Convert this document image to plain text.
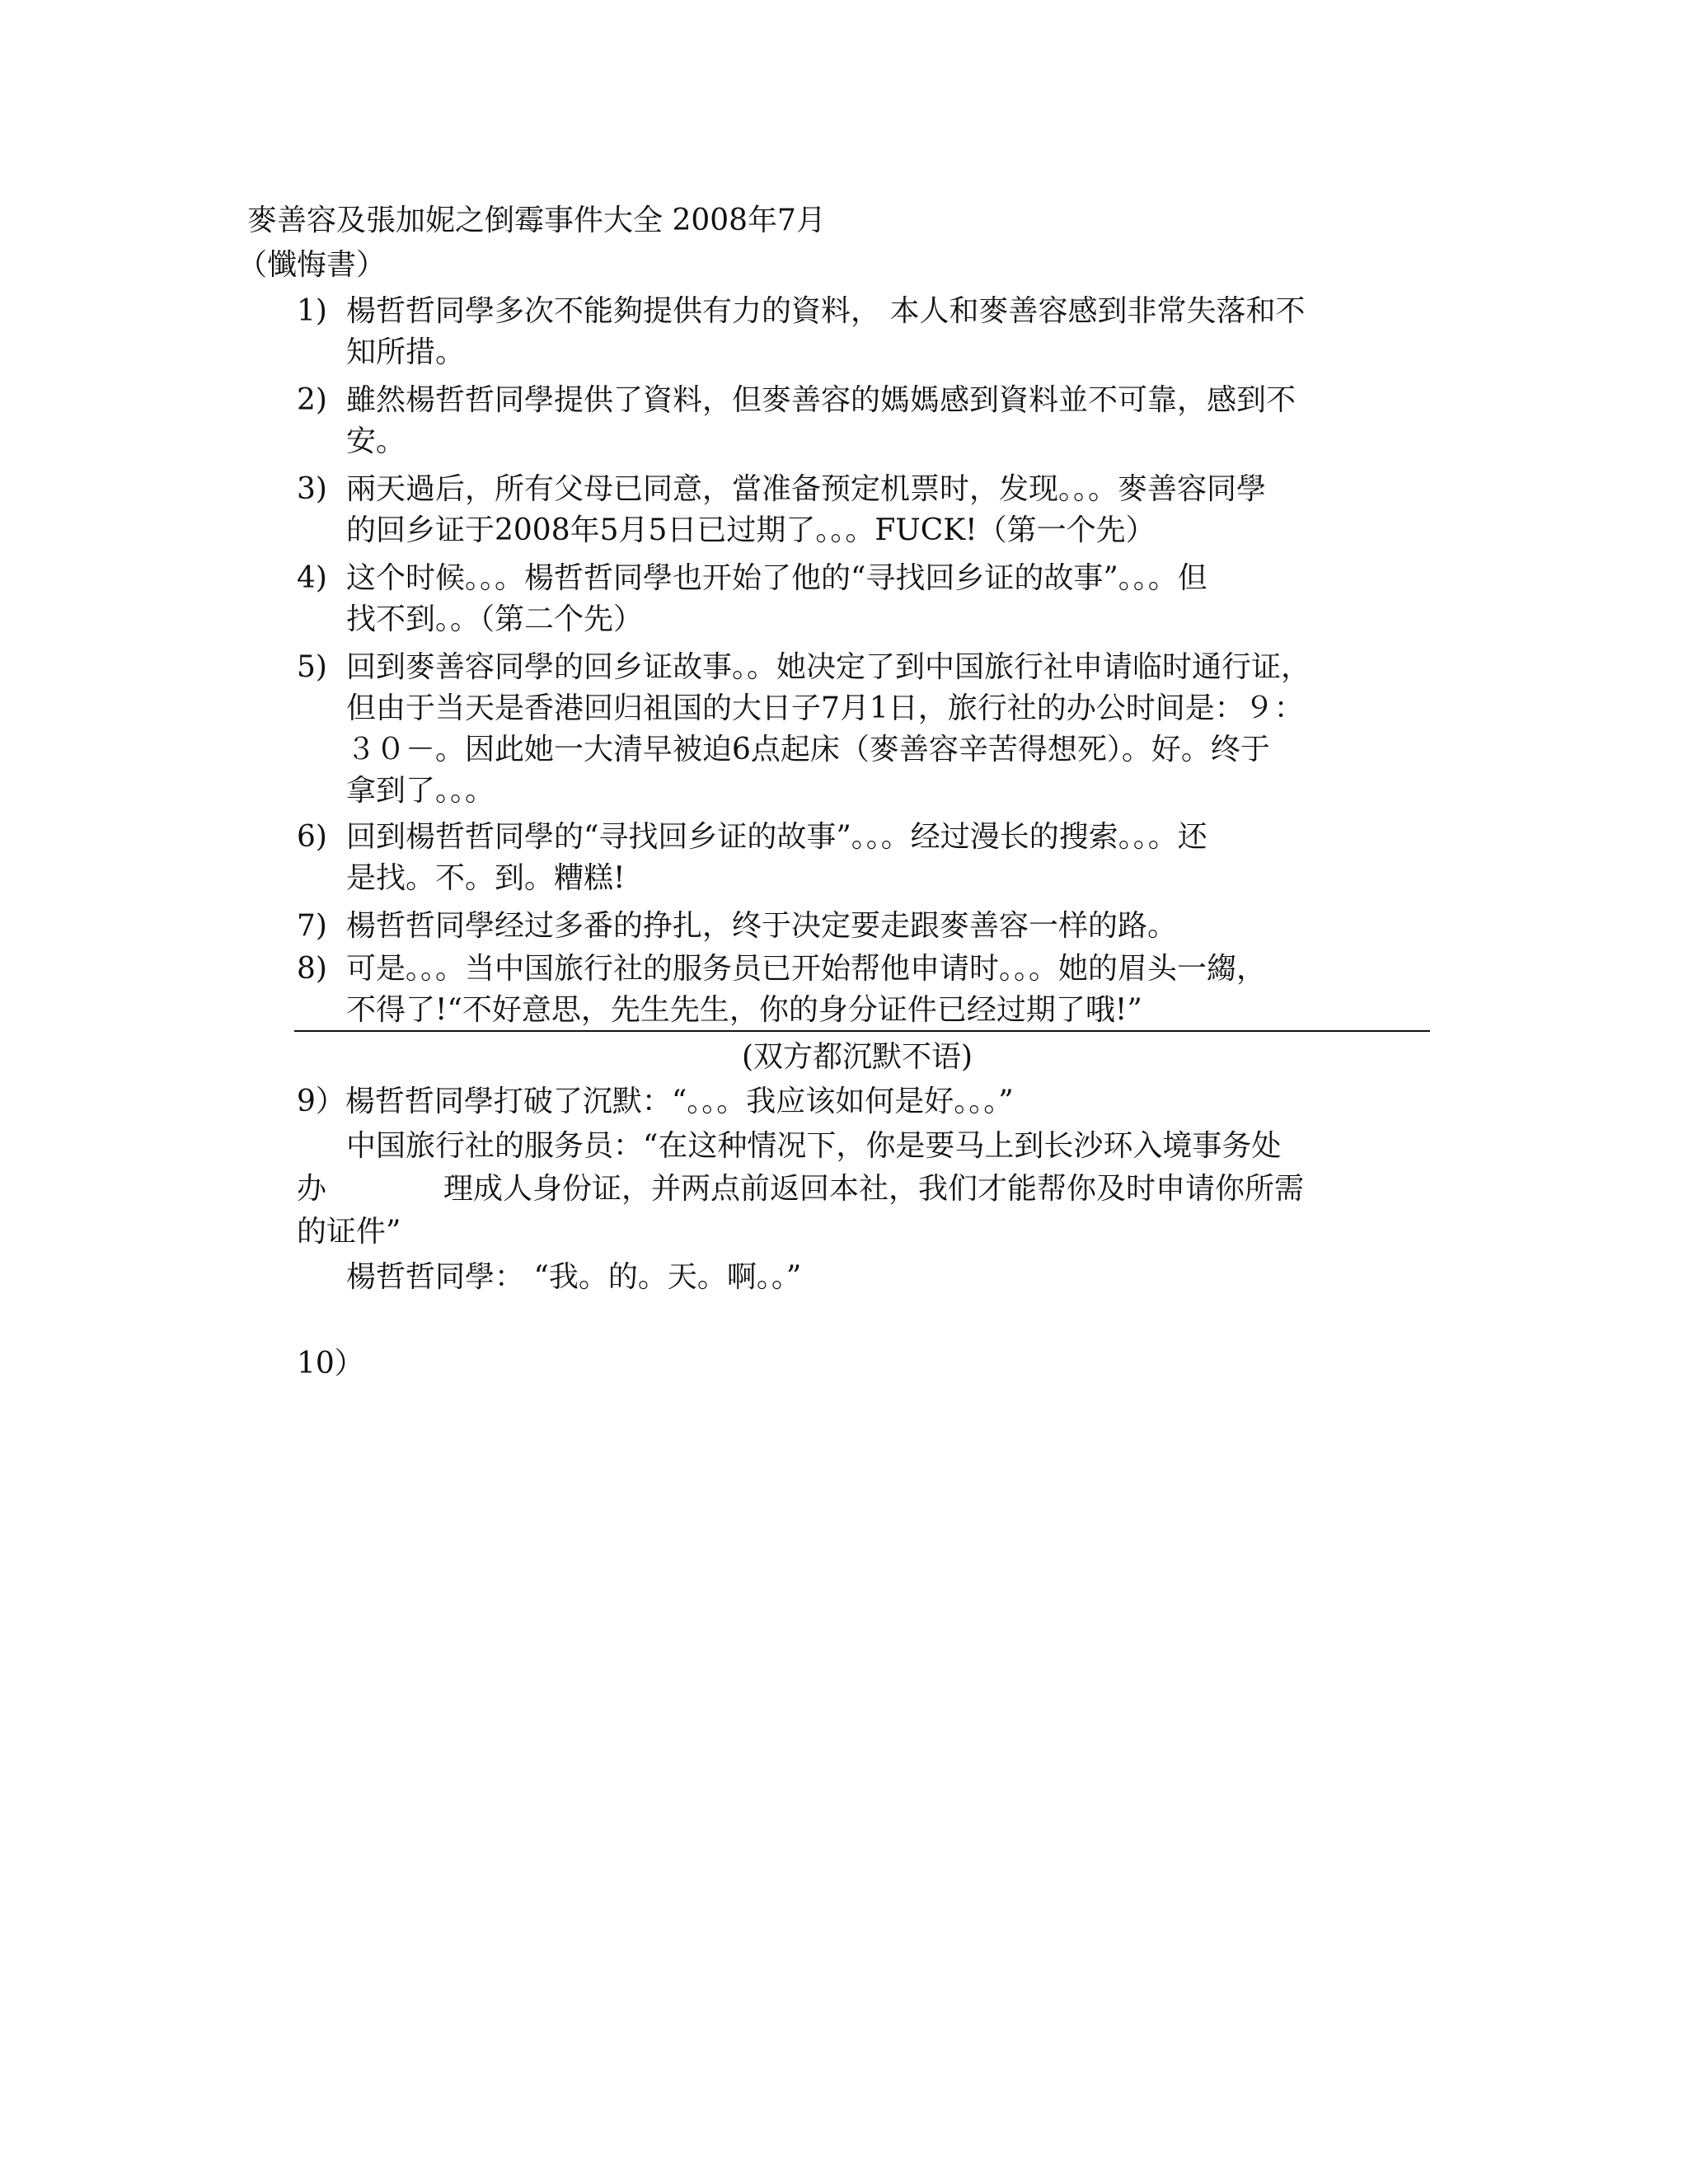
麥善容及張加妮之倒霉事件大全 2008年7月
（懺悔書）
1) 楊哲哲同學多次不能夠提供有力的資料， 本人和麥善容感到非常失落和不
知所措。
2) 雖然楊哲哲同學提供了資料，但麥善容的媽媽感到資料並不可靠，感到不
安。
3) 兩天過后，所有父母已同意，當准备预定机票时，发现。。。麥善容同學
的回乡证于2008年5月5日已过期了。。。FUCK!（第一个先）
4) 这个时候。。。楊哲哲同學也开始了他的“寻找回乡证的故事”。。。但
找不到。。（第二个先）
5) 回到麥善容同學的回乡证故事。。她决定了到中国旅行社申请临时通行证，
但由于当天是香港回归祖国的大日子7月1日，旅行社的办公时间是：９：
３０－。因此她一大清早被迫6点起床（麥善容辛苦得想死）。好。终于
拿到了。。。
6) 回到楊哲哲同學的“寻找回乡证的故事”。。。经过漫长的搜索。。。还
是找。不。到。糟糕!
7) 楊哲哲同學经过多番的挣扎，终于决定要走跟麥善容一样的路。
8) 可是。。。当中国旅行社的服务员已开始帮他申请时。。。她的眉头一縐，
不得了!“不好意思，先生先生，你的身分证件已经过期了哦!”
(双方都沉默不语)
9）楊哲哲同學打破了沉默：“。。。我应该如何是好。。。”
中国旅行社的服务员：“在这种情况下，你是要马上到长沙环入境事务处
办	理成人身份证，并两点前返回本社，我们才能帮你及时申请你所需
的证件”
楊哲哲同學： “我。的。天。啊。。”
10）
